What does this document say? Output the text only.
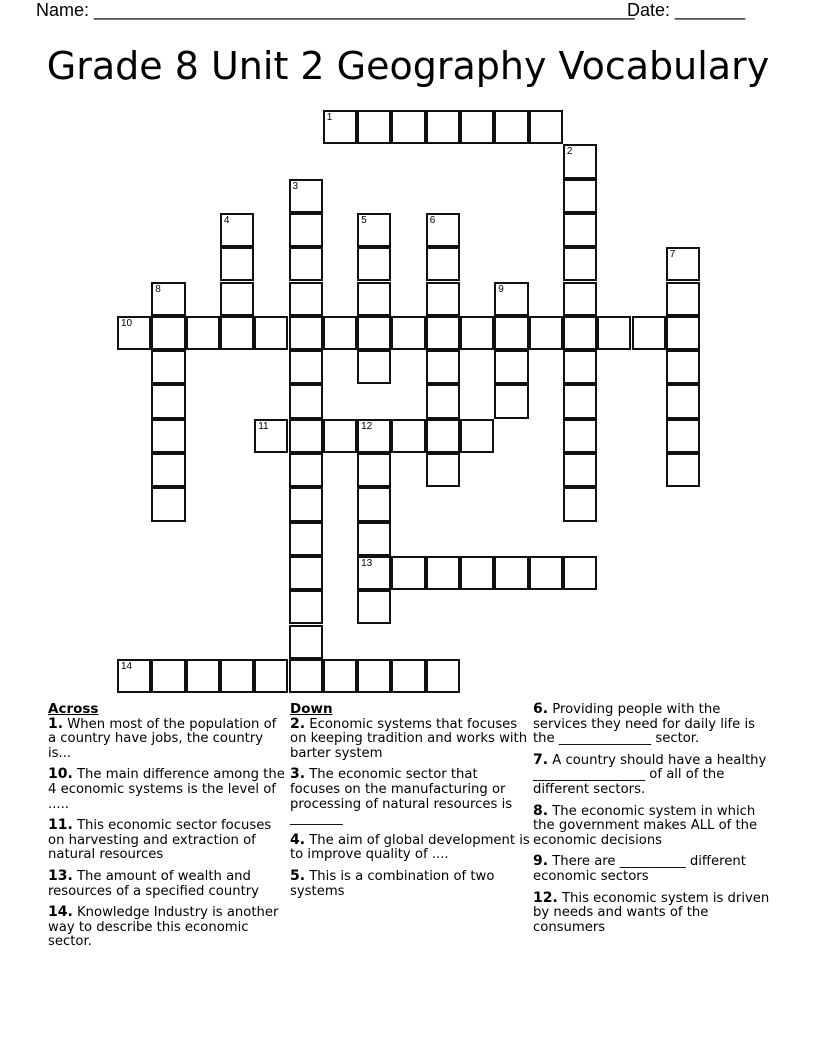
Name: ______________________________________________________
Date: _______
Grade 8 Unit 2 Geography Vocabulary
1
2
3
4	5	6
7
8	9
10
11	12
13
14
Across
1. When most of the population of a country have jobs, the country is...
10. The main difference among the 4 economic systems is the level of .....
11. This economic sector focuses on harvesting and extraction of natural resources
13. The amount of wealth and resources of a specified country
14. Knowledge Industry is another way to describe this economic sector.
Down
2. Economic systems that focuses on keeping tradition and works with barter system
3. The economic sector that focuses on the manufacturing or processing of natural resources is ________
4. The aim of global development is to improve quality of ....
5. This is a combination of two systems
6. Providing people with the services they need for daily life is the ______________ sector.
7. A country should have a healthy _________________ of all of the different sectors.
8. The economic system in which the government makes ALL of the economic decisions
9. There are __________ different economic sectors
12. This economic system is driven by needs and wants of the consumers
